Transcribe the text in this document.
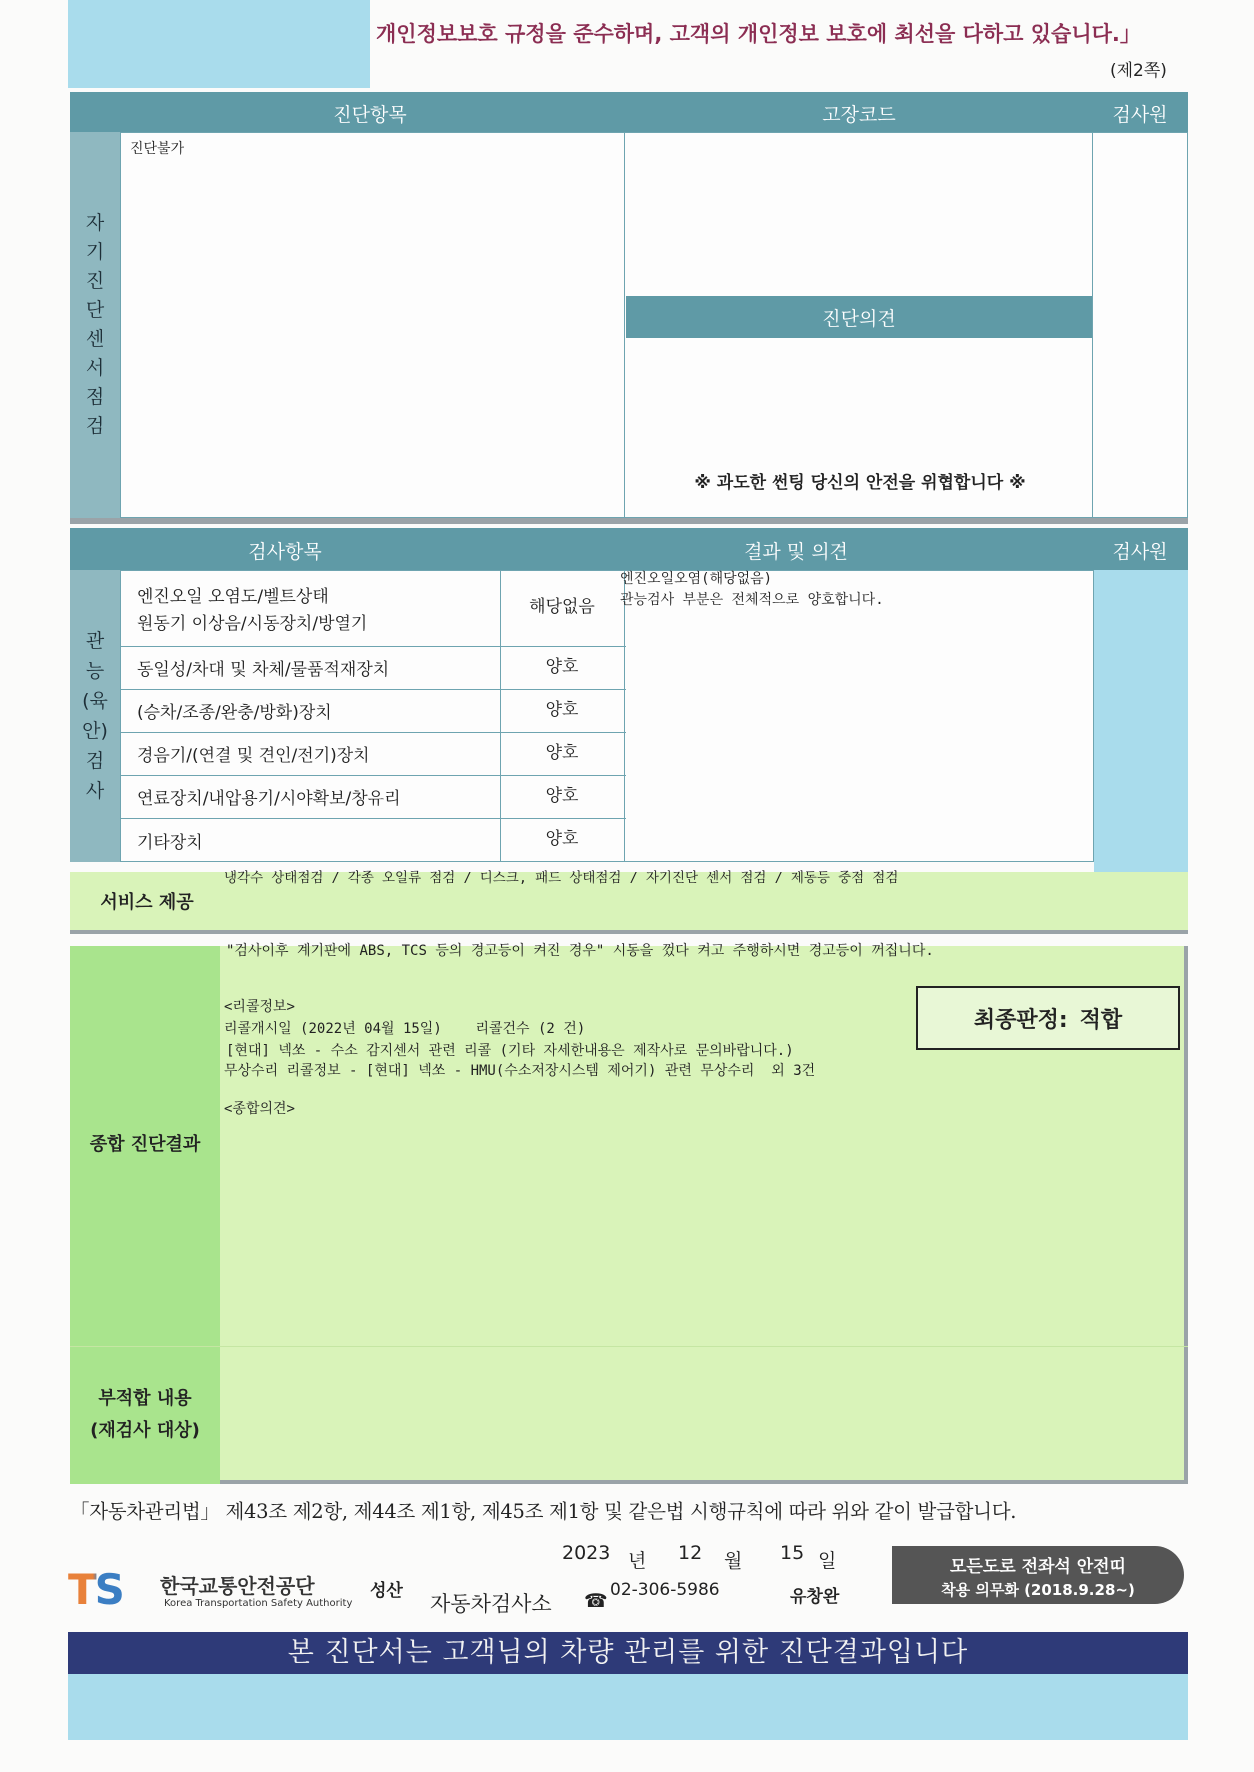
개인정보보호 규정을 준수하며, 고객의 개인정보 보호에 최선을 다하고 있습니다.」
(제2쪽)
진단항목	고장코드	검사원
자
기
진
단
센
서
점
검
진단불가
진단의견
※ 과도한 썬팅 당신의 안전을 위협합니다 ※
검사항목	결과 및 의견	검사원
관
능
(육
안)
검
사
엔진오일 오염도/벨트상태
원동기 이상음/시동장치/방열기
해당없음
동일성/차대 및 차체/물품적재장치	양호
(승차/조종/완충/방화)장치	양호
경음기/(연결 및 견인/전기)장치	양호
연료장치/내압용기/시야확보/창유리	양호
기타장치	양호
엔진오일오염(해당없음)
관능검사 부분은 전체적으로 양호합니다.
서비스 제공
냉각수 상태점검 / 각종 오일류 점검 / 디스크, 패드 상태점검 / 자기진단 센서 점검 / 제동등 중점 점검
종합 진단결과
부적합 내용
(재검사 대상)
"검사이후 계기판에 ABS, TCS 등의 경고등이 켜진 경우" 시동을 껐다 켜고 주행하시면 경고등이 꺼집니다.
최종판정: 적합
<리콜정보>
리콜개시일 (2022년 04월 15일)    리콜건수 (2 건)
[현대] 넥쏘 - 수소 감지센서 관련 리콜 (기타 자세한내용은 제작사로 문의바랍니다.)
무상수리 리콜정보 - [현대] 넥쏘 - HMU(수소저장시스템 제어기) 관련 무상수리  외 3건
<종합의견>
「자동차관리법」 제43조 제2항, 제44조 제1항, 제45조 제1항 및 같은법 시행규칙에 따라 위와 같이 발급합니다.
2023 년	12	월	15 일
TS	한국교통안전공단
Korea Transportation Safety Authority
성산
자동차검사소	☎ 02-306-5986	유창완
모든도로 전좌석 안전띠
착용 의무화 (2018.9.28~)
본 진단서는 고객님의 차량 관리를 위한 진단결과입니다
